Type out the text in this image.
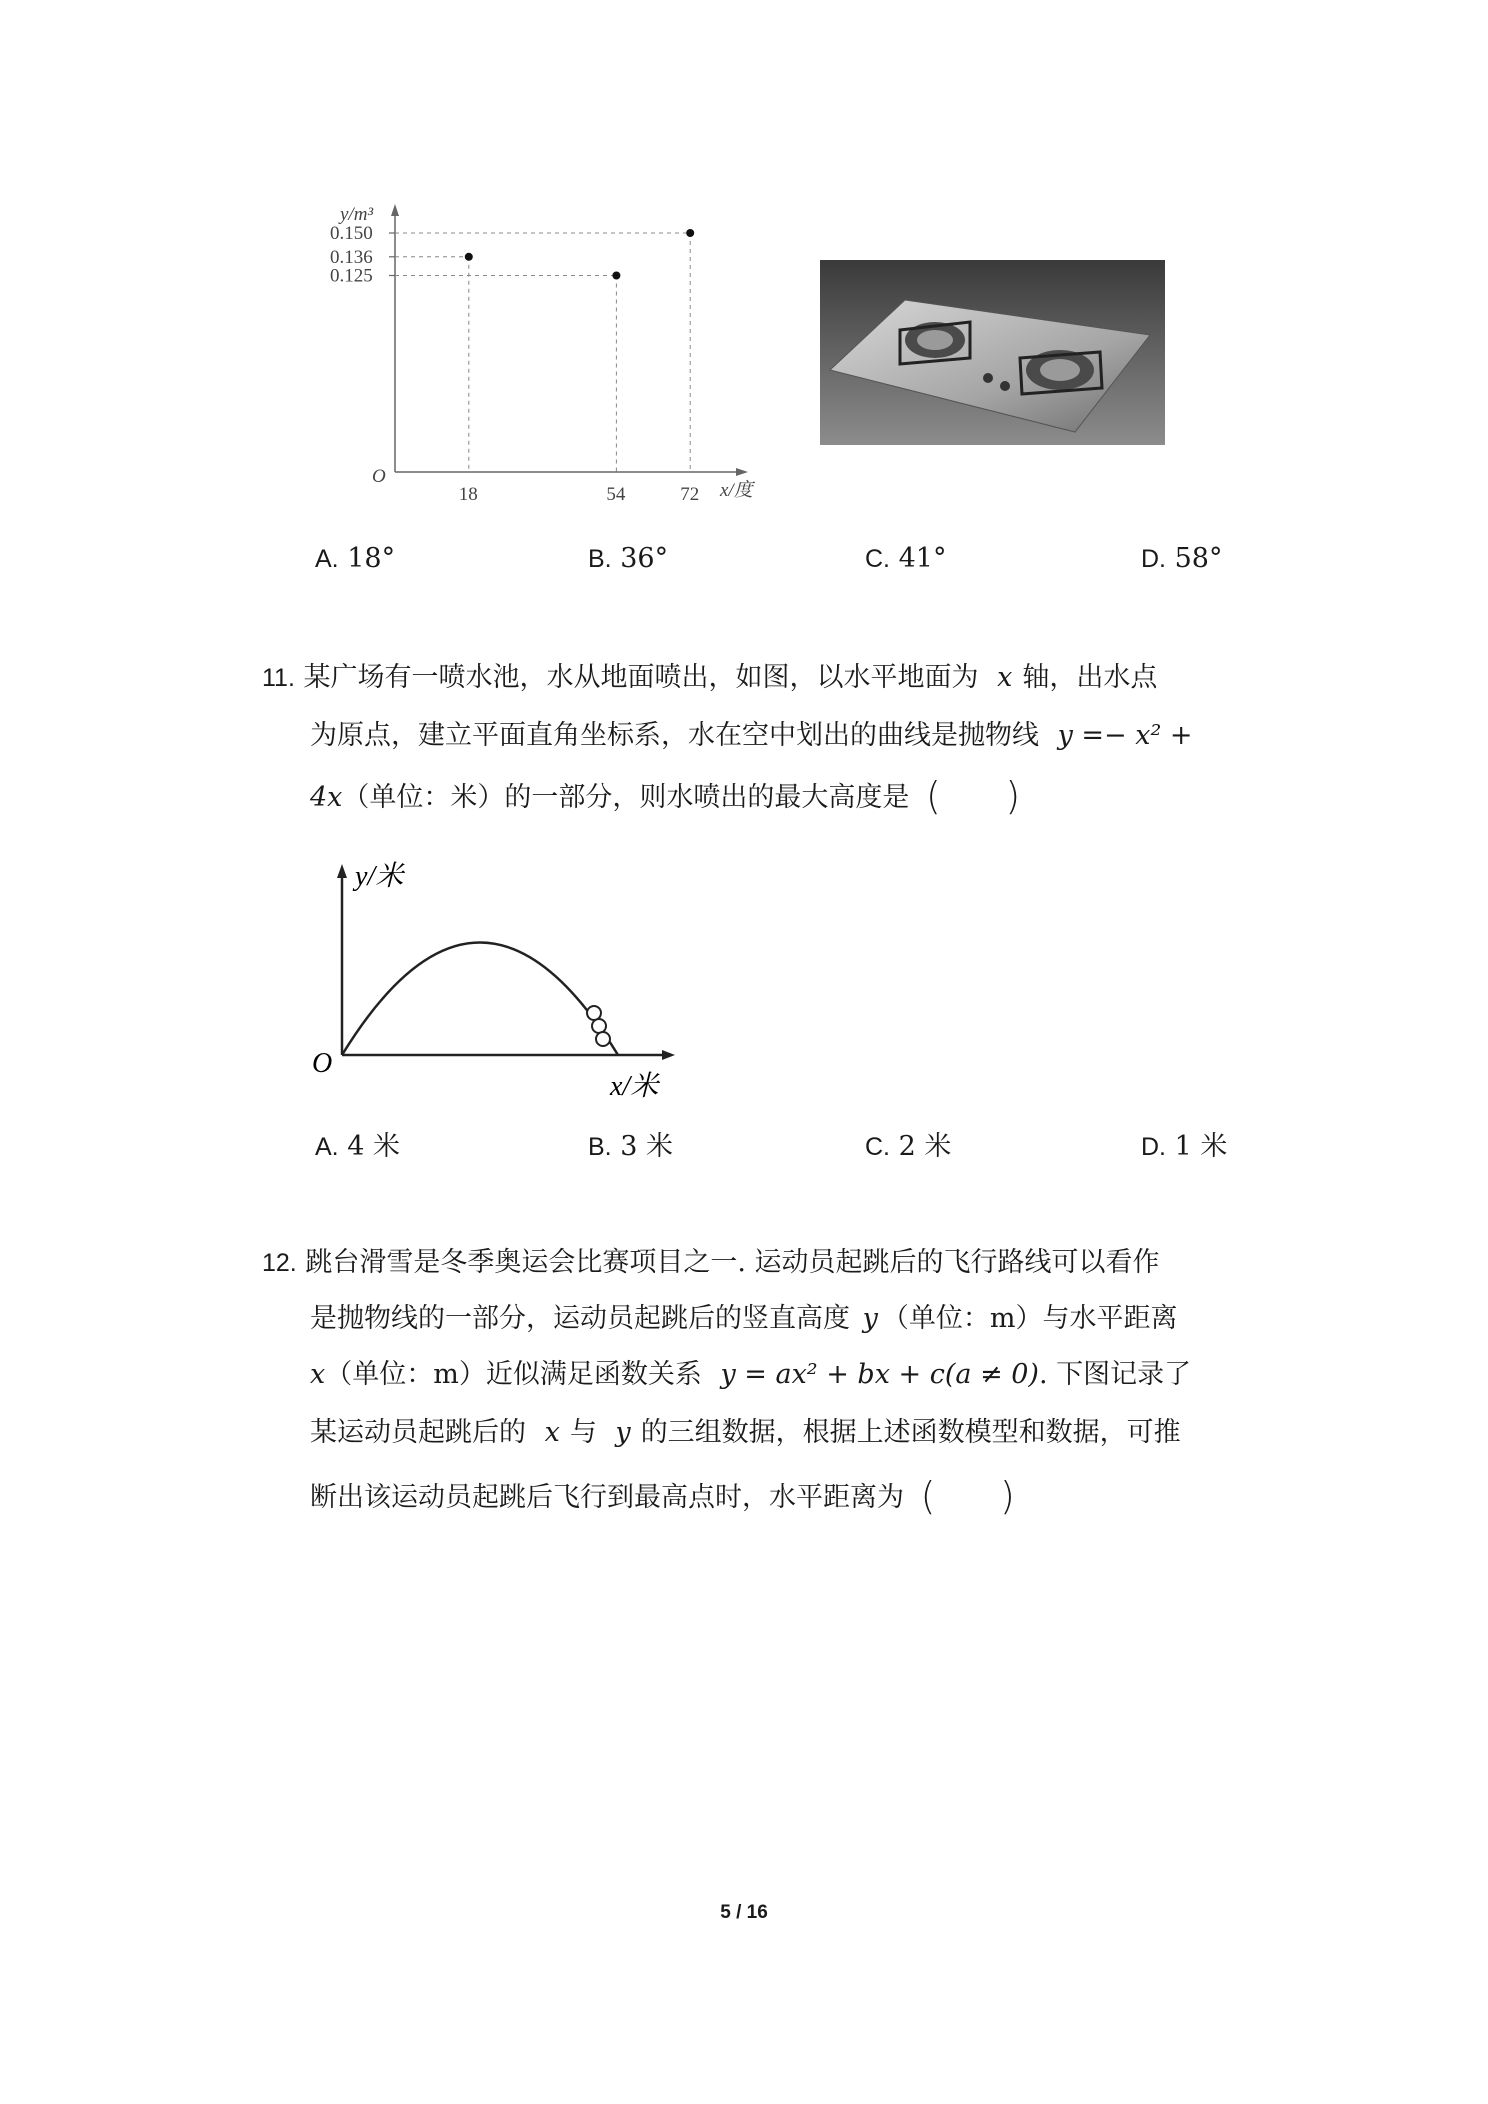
y/m³
x/度
O
0.150
0.136
0.125
18	54	72
A. 18°	B. 36°	C. 41°	D. 58°
11. 某广场有一喷水池，水从地面喷出，如图，以水平地面为 x 轴，出水点
为原点，建立平面直角坐标系，水在空中划出的曲线是抛物线 y =− x² +
4x（单位：米）的一部分，则水喷出的最大高度是 ( )
y/米
x/米
O
A. 4 米	B. 3 米	C. 2 米	D. 1 米
12. 跳台滑雪是冬季奥运会比赛项目之一. 运动员起跳后的飞行路线可以看作
是抛物线的一部分，运动员起跳后的竖直高度 y （单位：m）与水平距离
x（单位：m）近似满足函数关系 y = ax² + bx + c(a ≠ 0). 下图记录了
某运动员起跳后的 x 与 y 的三组数据，根据上述函数模型和数据，可推
断出该运动员起跳后飞行到最高点时，水平距离为 ( )
5 / 16
